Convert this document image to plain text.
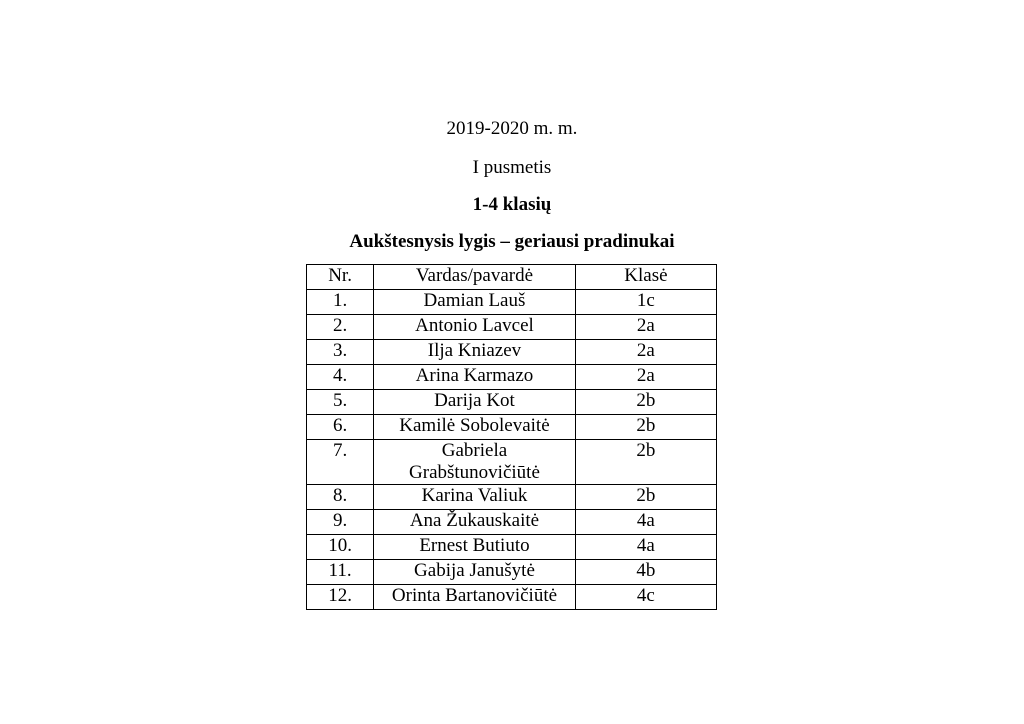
2019-2020 m. m.

I pusmetis

1-4 klasių

Aukštesnysis lygis – geriausi pradinukai

Nr.	Vardas/pavardė	Klasė
1.	Damian Lauš	1c
2.	Antonio Lavcel	2a
3.	Ilja Kniazev	2a
4.	Arina Karmazo	2a
5.	Darija Kot	2b
6.	Kamilė Sobolevaitė	2b
7.	Gabriela Grabštunovičiūtė	2b
8.	Karina Valiuk	2b
9.	Ana Žukauskaitė	4a
10.	Ernest Butiuto	4a
11.	Gabija Janušytė	4b
12.	Orinta Bartanovičiūtė	4c
